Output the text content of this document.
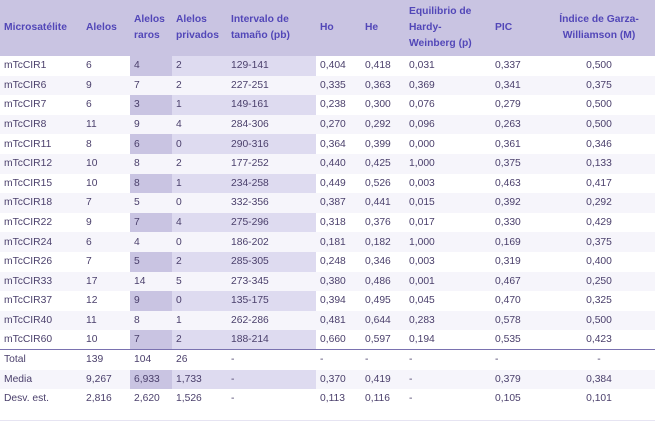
Microsatélite	Alelos	Alelos raros	Alelos privados	Intervalo de tamaño (pb)	Ho	He	Equilibrio de Hardy-Weinberg (p)	PIC	Índice de Garza-Williamson (M)
mTcCIR1	6	4	2	129-141	0,404	0,418	0,031	0,337	0,500
mTcCIR6	9	7	2	227-251	0,335	0,363	0,369	0,341	0,375
mTcCIR7	6	3	1	149-161	0,238	0,300	0,076	0,279	0,500
mTcCIR8	11	9	4	284-306	0,270	0,292	0,096	0,263	0,500
mTcCIR11	8	6	0	290-316	0,364	0,399	0,000	0,361	0,346
mTcCIR12	10	8	2	177-252	0,440	0,425	1,000	0,375	0,133
mTcCIR15	10	8	1	234-258	0,449	0,526	0,003	0,463	0,417
mTcCIR18	7	5	0	332-356	0,387	0,441	0,015	0,392	0,292
mTcCIR22	9	7	4	275-296	0,318	0,376	0,017	0,330	0,429
mTcCIR24	6	4	0	186-202	0,181	0,182	1,000	0,169	0,375
mTcCIR26	7	5	2	285-305	0,248	0,346	0,003	0,319	0,400
mTcCIR33	17	14	5	273-345	0,380	0,486	0,001	0,467	0,250
mTcCIR37	12	9	0	135-175	0,394	0,495	0,045	0,470	0,325
mTcCIR40	11	8	1	262-286	0,481	0,644	0,283	0,578	0,500
mTcCIR60	10	7	2	188-214	0,660	0,597	0,194	0,535	0,423
Total	139	104	26	-	-	-	-	-	-
Media	9,267	6,933	1,733	-	0,370	0,419	-	0,379	0,384
Desv. est.	2,816	2,620	1,526	-	0,113	0,116	-	0,105	0,101
